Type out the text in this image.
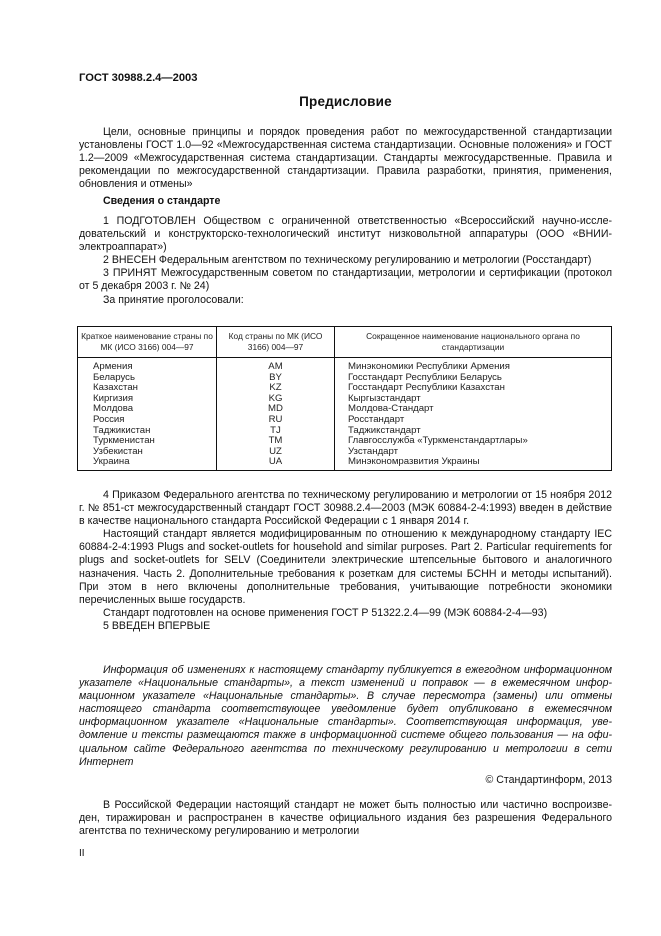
ГОСТ 30988.2.4—2003
Предисловие

Цели, основные принципы и порядок проведения работ по межгосударственной стандартизации установлены ГОСТ 1.0—92 «Межгосударственная система стандартизации. Основные положения» и ГОСТ 1.2—2009 «Межгосударственная система стандартизации. Стандарты межгосударственные. Правила и рекомендации по межгосударственной стандартизации. Правила разработки, принятия, применения, обновления и отмены»

Сведения о стандарте

1 ПОДГОТОВЛЕН Обществом с ограниченной ответственностью «Всероссийский научно-исследовательский и конструкторско-технологический институт низковольтной аппаратуры (ООО «ВНИИ-электроаппарат»)

2 ВНЕСЕН Федеральным агентством по техническому регулированию и метрологии (Росстандарт)

3 ПРИНЯТ Межгосударственным советом по стандартизации, метрологии и сертификации (протокол от 5 декабря 2003 г. № 24)

За принятие проголосовали:

Краткое наименование страны по МК (ИСО 3166) 004—97	Код страны по МК (ИСО 3166) 004—97	Сокращенное наименование национального органа по стандартизации
Армения	AM	Минэкономики Республики Армения
Беларусь	BY	Госстандарт Республики Беларусь
Казахстан	KZ	Госстандарт Республики Казахстан
Киргизия	KG	Кыргызстандарт
Молдова	MD	Молдова-Стандарт
Россия	RU	Росстандарт
Таджикистан	TJ	Таджикстандарт
Туркменистан	TM	Главгосслужба «Туркменстандартлары»
Узбекистан	UZ	Узстандарт
Украина	UA	Минэкономразвития Украины

4 Приказом Федерального агентства по техническому регулированию и метрологии от 15 ноября 2012 г. № 851-ст межгосударственный стандарт ГОСТ 30988.2.4—2003 (МЭК 60884-2-4:1993) введен в действие в качестве национального стандарта Российской Федерации с 1 января 2014 г.

Настоящий стандарт является модифицированным по отношению к международному стандарту IEC 60884-2-4:1993 Plugs and socket-outlets for household and similar purposes. Part 2. Particular requirements for plugs and socket-outlets for SELV (Соединители электрические штепсельные бытового и аналогичного назначения. Часть 2. Дополнительные требования к розеткам для системы БСНН и методы испытаний). При этом в него включены дополнительные требования, учитывающие потребности экономики перечисленных выше государств.

Стандарт подготовлен на основе применения ГОСТ Р 51322.2.4—99 (МЭК 60884-2-4—93)

5 ВВЕДЕН ВПЕРВЫЕ

Информация об изменениях к настоящему стандарту публикуется в ежегодном информационном указателе «Национальные стандарты», а текст изменений и поправок — в ежемесячном информационном указателе «Национальные стандарты». В случае пересмотра (замены) или отмены настоящего стандарта соответствующее уведомление будет опубликовано в ежемесячном информационном указателе «Национальные стандарты». Соответствующая информация, уведомление и тексты размещаются также в информационной системе общего пользования — на официальном сайте Федерального агентства по техническому регулированию и метрологии в сети Интернет

© Стандартинформ, 2013

В Российской Федерации настоящий стандарт не может быть полностью или частично воспроизведен, тиражирован и распространен в качестве официального издания без разрешения Федерального агентства по техническому регулированию и метрологии

II
